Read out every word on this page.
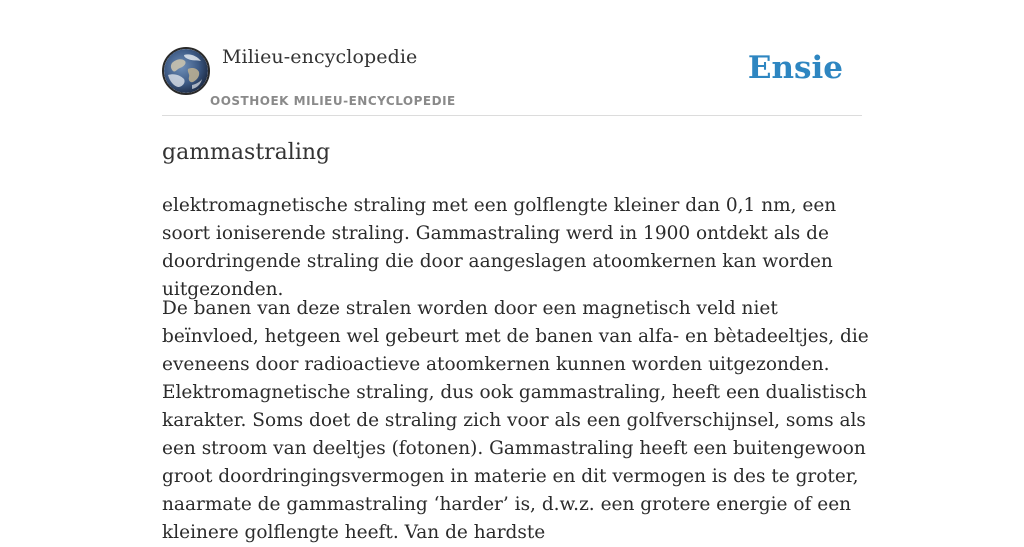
Milieu-encyclopedie
OOSTHOEK MILIEU-ENCYCLOPEDIE
Ensie
gammastraling

elektromagnetische straling met een golflengte kleiner dan 0,1 nm, een soort ioniserende straling. Gammastraling werd in 1900 ontdekt als de doordringende straling die door aangeslagen atoomkernen kan worden uitgezonden.

De banen van deze stralen worden door een magnetisch veld niet beïnvloed, hetgeen wel gebeurt met de banen van alfa- en bètadeeltjes, die eveneens door radioactieve atoomkernen kunnen worden uitgezonden. Elektromagnetische straling, dus ook gammastraling, heeft een dualistisch karakter. Soms doet de straling zich voor als een golfverschijnsel, soms als een stroom van deeltjes (fotonen). Gammastraling heeft een buitengewoon groot doordringingsvermogen in materie en dit vermogen is des te groter, naarmate de gammastraling ‘harder’ is, d.w.z. een grotere energie of een kleinere golflengte heeft. Van de hardste
